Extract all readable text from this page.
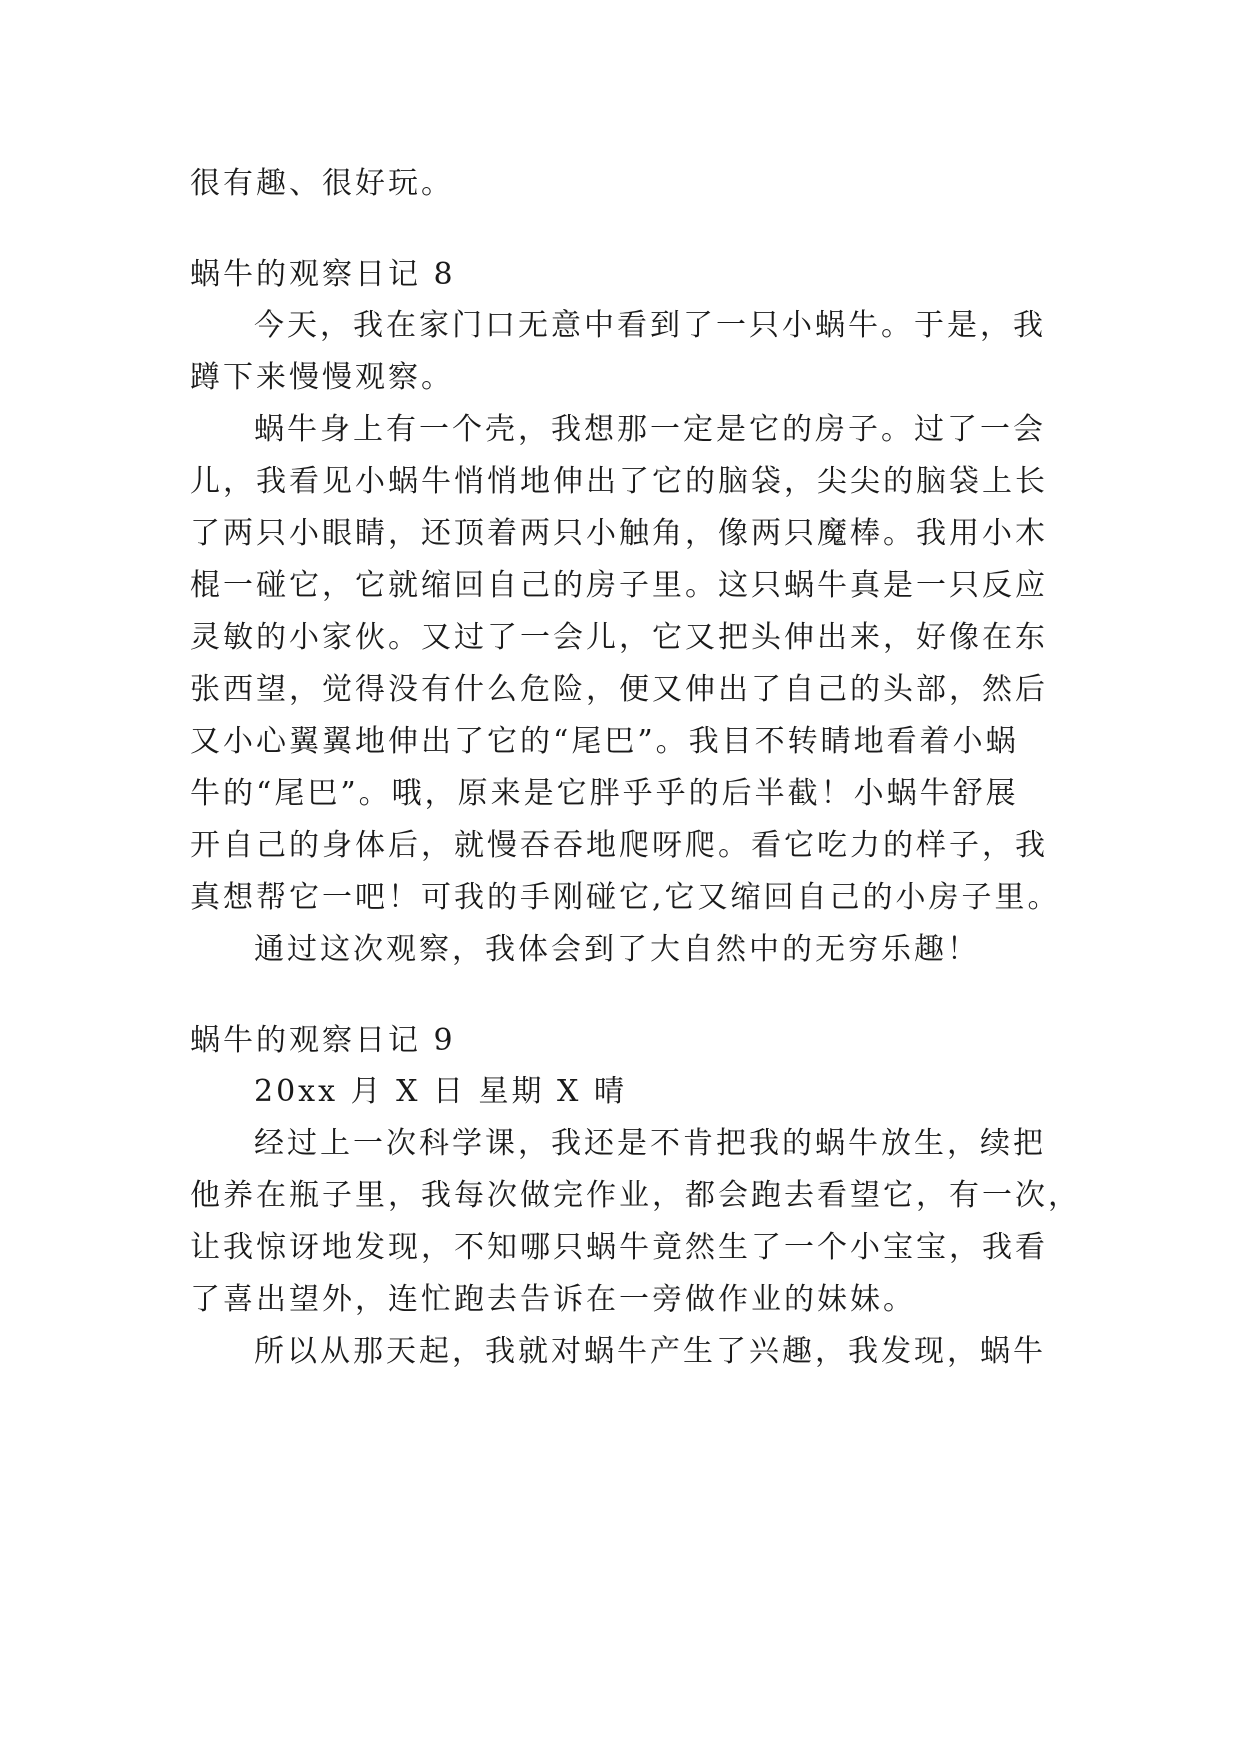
很有趣、很好玩。
蜗牛的观察日记 8
今天，我在家门口无意中看到了一只小蜗牛。于是，我
蹲下来慢慢观察。
蜗牛身上有一个壳，我想那一定是它的房子。过了一会
儿，我看见小蜗牛悄悄地伸出了它的脑袋，尖尖的脑袋上长
了两只小眼睛，还顶着两只小触角，像两只魔棒。我用小木
棍一碰它，它就缩回自己的房子里。这只蜗牛真是一只反应
灵敏的小家伙。又过了一会儿，它又把头伸出来，好像在东
张西望，觉得没有什么危险，便又伸出了自己的头部，然后
又小心翼翼地伸出了它的“尾巴”。我目不转睛地看着小蜗
牛的“尾巴”。哦，原来是它胖乎乎的后半截！小蜗牛舒展
开自己的身体后，就慢吞吞地爬呀爬。看它吃力的样子，我
真想帮它一吧！可我的手刚碰它,它又缩回自己的小房子里。
通过这次观察，我体会到了大自然中的无穷乐趣！
蜗牛的观察日记 9
20xx 月 X 日 星期 X 晴
经过上一次科学课，我还是不肯把我的蜗牛放生，续把
他养在瓶子里，我每次做完作业，都会跑去看望它，有一次，
让我惊讶地发现，不知哪只蜗牛竟然生了一个小宝宝，我看
了喜出望外，连忙跑去告诉在一旁做作业的妹妹。
所以从那天起，我就对蜗牛产生了兴趣，我发现，蜗牛
